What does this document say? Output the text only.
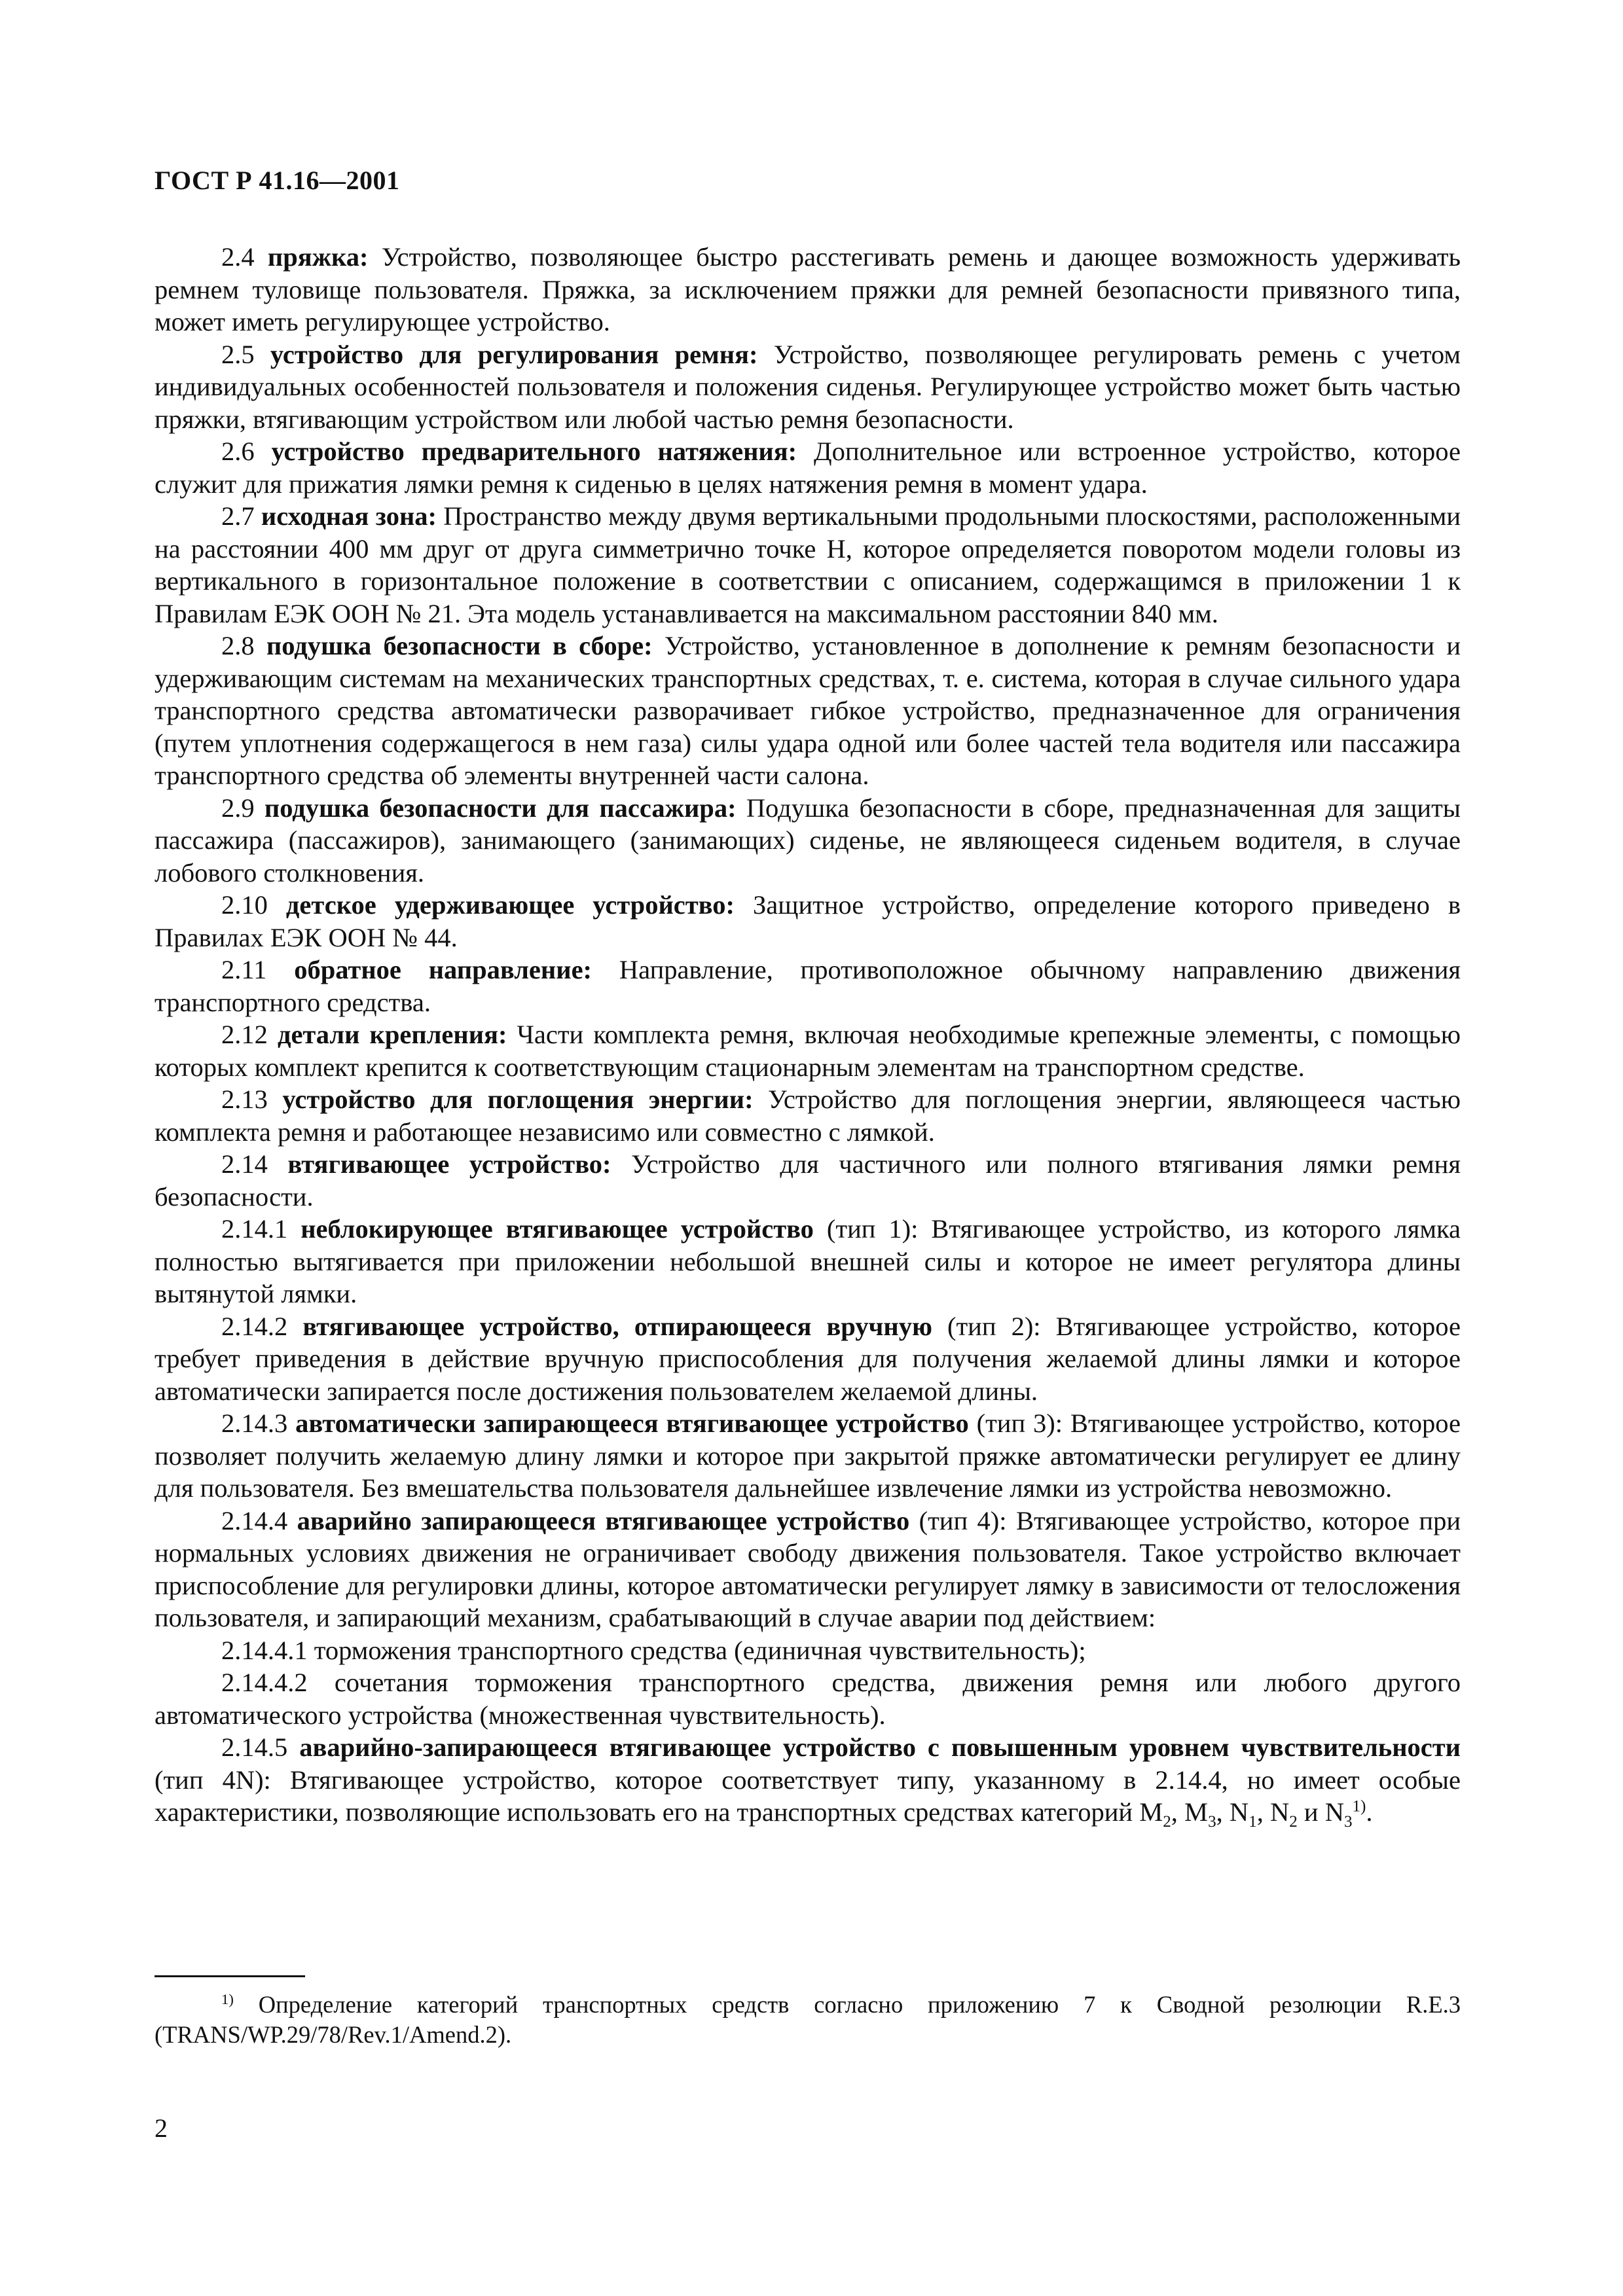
ГОСТ Р 41.16—2001

2.4 пряжка: Устройство, позволяющее быстро расстегивать ремень и дающее возможность удерживать ремнем туловище пользователя. Пряжка, за исключением пряжки для ремней безопасности привязного типа, может иметь регулирующее устройство.

2.5 устройство для регулирования ремня: Устройство, позволяющее регулировать ремень с учетом индивидуальных особенностей пользователя и положения сиденья. Регулирующее устройство может быть частью пряжки, втягивающим устройством или любой частью ремня безопасности.

2.6 устройство предварительного натяжения: Дополнительное или встроенное устройство, которое служит для прижатия лямки ремня к сиденью в целях натяжения ремня в момент удара.

2.7 исходная зона: Пространство между двумя вертикальными продольными плоскостями, расположенными на расстоянии 400 мм друг от друга симметрично точке H, которое определяется поворотом модели головы из вертикального в горизонтальное положение в соответствии с описанием, содержащимся в приложении 1 к Правилам ЕЭК ООН № 21. Эта модель устанавливается на максимальном расстоянии 840 мм.

2.8 подушка безопасности в сборе: Устройство, установленное в дополнение к ремням безопасности и удерживающим системам на механических транспортных средствах, т. е. система, которая в случае сильного удара транспортного средства автоматически разворачивает гибкое устройство, предназначенное для ограничения (путем уплотнения содержащегося в нем газа) силы удара одной или более частей тела водителя или пассажира транспортного средства об элементы внутренней части салона.

2.9 подушка безопасности для пассажира: Подушка безопасности в сборе, предназначенная для защиты пассажира (пассажиров), занимающего (занимающих) сиденье, не являющееся сиденьем водителя, в случае лобового столкновения.

2.10 детское удерживающее устройство: Защитное устройство, определение которого приведено в Правилах ЕЭК ООН № 44.

2.11 обратное направление: Направление, противоположное обычному направлению движения транспортного средства.

2.12 детали крепления: Части комплекта ремня, включая необходимые крепежные элементы, с помощью которых комплект крепится к соответствующим стационарным элементам на транспортном средстве.

2.13 устройство для поглощения энергии: Устройство для поглощения энергии, являющееся частью комплекта ремня и работающее независимо или совместно с лямкой.

2.14 втягивающее устройство: Устройство для частичного или полного втягивания лямки ремня безопасности.

2.14.1 неблокирующее втягивающее устройство (тип 1): Втягивающее устройство, из которого лямка полностью вытягивается при приложении небольшой внешней силы и которое не имеет регулятора длины вытянутой лямки.

2.14.2 втягивающее устройство, отпирающееся вручную (тип 2): Втягивающее устройство, которое требует приведения в действие вручную приспособления для получения желаемой длины лямки и которое автоматически запирается после достижения пользователем желаемой длины.

2.14.3 автоматически запирающееся втягивающее устройство (тип 3): Втягивающее устройство, которое позволяет получить желаемую длину лямки и которое при закрытой пряжке автоматически регулирует ее длину для пользователя. Без вмешательства пользователя дальнейшее извлечение лямки из устройства невозможно.

2.14.4 аварийно запирающееся втягивающее устройство (тип 4): Втягивающее устройство, которое при нормальных условиях движения не ограничивает свободу движения пользователя. Такое устройство включает приспособление для регулировки длины, которое автоматически регулирует лямку в зависимости от телосложения пользователя, и запирающий механизм, срабатывающий в случае аварии под действием:

2.14.4.1 торможения транспортного средства (единичная чувствительность);

2.14.4.2 сочетания торможения транспортного средства, движения ремня или любого другого автоматического устройства (множественная чувствительность).

2.14.5 аварийно-запирающееся втягивающее устройство с повышенным уровнем чувствительности (тип 4N): Втягивающее устройство, которое соответствует типу, указанному в 2.14.4, но имеет особые характеристики, позволяющие использовать его на транспортных средствах категорий $M_2$, $M_3$, $N_1$, $N_2$ и $N_3^{1)}$.

$^{1)}$ Определение категорий транспортных средств согласно приложению 7 к Сводной резолюции R.E.3 (TRANS/WP.29/78/Rev.1/Amend.2).

2
